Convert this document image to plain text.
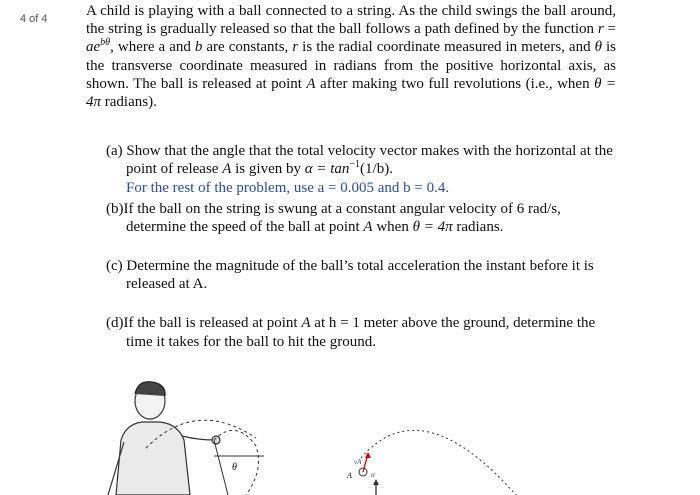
4 of 4	A child is playing with a ball connected to a string. As the child swings the ball around, the string is gradually released so that the ball follows a path defined by the function $r = ae^{b\theta}$, where a and b are constants, r is the radial coordinate measured in meters, and θ is the transverse coordinate measured in radians from the positive horizontal axis, as shown. The ball is released at point A after making two full revolutions (i.e., when θ = 4π radians).

(a) Show that the angle that the total velocity vector makes with the horizontal at the point of release A is given by $\alpha = \tan^{-1}(1/b)$.

For the rest of the problem, use a = 0.005 and b = 0.4.

(b)If the ball on the string is swung at a constant angular velocity of 6 rad/s, determine the speed of the ball at point A when θ = 4π radians.

(c) Determine the magnitude of the ball’s total acceleration the instant before it is released at A.

(d)If the ball is released at point A at h = 1 meter above the ground, determine the time it takes for the ball to hit the ground.

θ	vA
α
A
